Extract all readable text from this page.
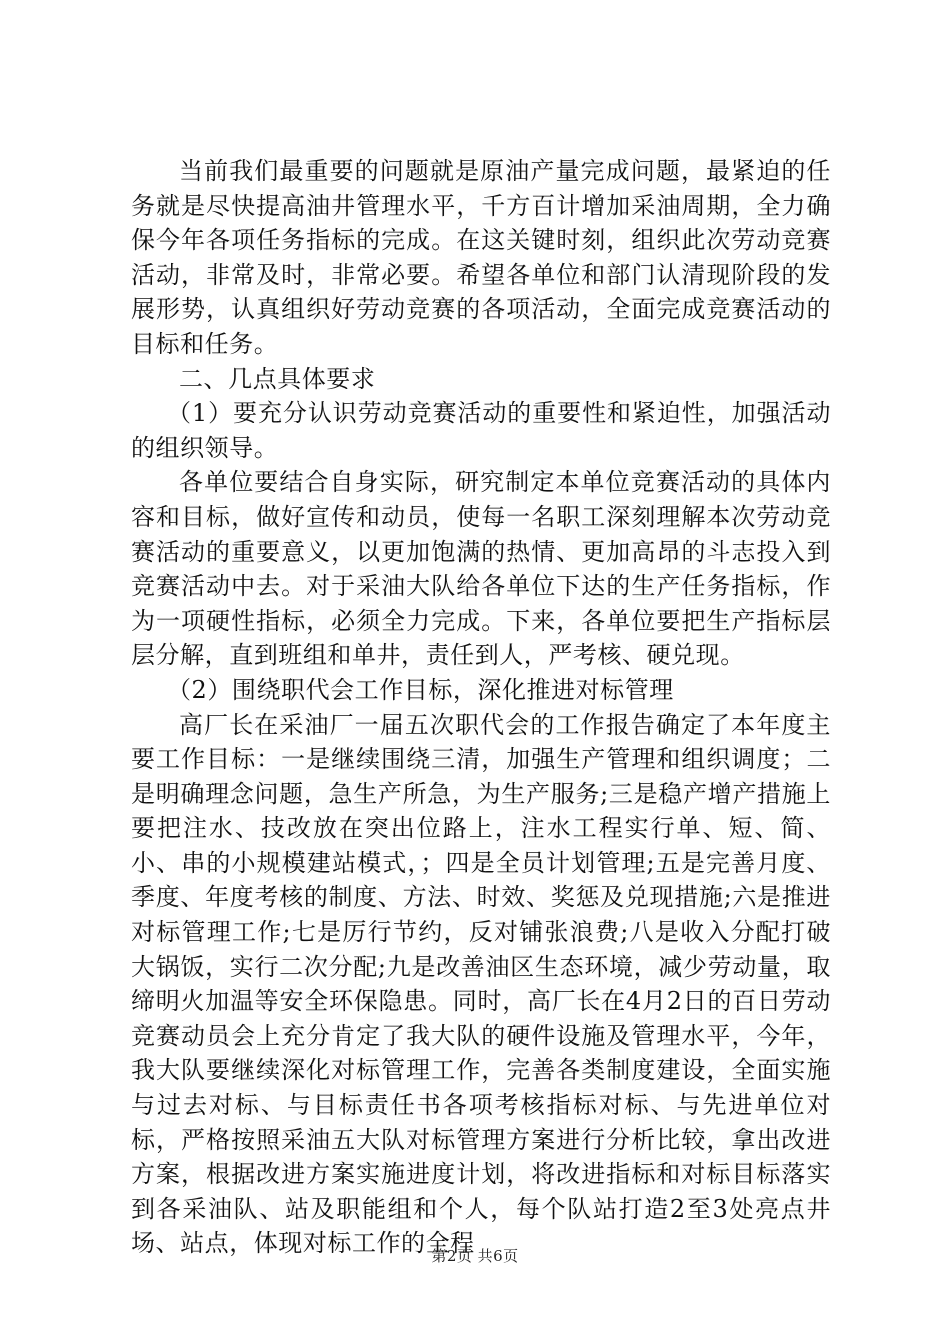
当前我们最重要的问题就是原油产量完成问题，最紧迫的任务就是尽快提高油井管理水平，千方百计增加采油周期，全力确保今年各项任务指标的完成。在这关键时刻，组织此次劳动竞赛活动，非常及时，非常必要。希望各单位和部门认清现阶段的发展形势，认真组织好劳动竞赛的各项活动，全面完成竞赛活动的目标和任务。

二、几点具体要求

（1）要充分认识劳动竞赛活动的重要性和紧迫性，加强活动的组织领导。

各单位要结合自身实际，研究制定本单位竞赛活动的具体内容和目标，做好宣传和动员，使每一名职工深刻理解本次劳动竞赛活动的重要意义，以更加饱满的热情、更加高昂的斗志投入到竞赛活动中去。对于采油大队给各单位下达的生产任务指标，作为一项硬性指标，必须全力完成。下来，各单位要把生产指标层层分解，直到班组和单井，责任到人，严考核、硬兑现。

（2）围绕职代会工作目标，深化推进对标管理

高厂长在采油厂一届五次职代会的工作报告确定了本年度主要工作目标：一是继续围绕三清，加强生产管理和组织调度；二是明确理念问题，急生产所急，为生产服务;三是稳产增产措施上要把注水、技改放在突出位路上，注水工程实行单、短、简、小、串的小规模建站模式，；四是全员计划管理;五是完善月度、季度、年度考核的制度、方法、时效、奖惩及兑现措施;六是推进对标管理工作;七是厉行节约，反对铺张浪费;八是收入分配打破大锅饭，实行二次分配;九是改善油区生态环境，减少劳动量，取缔明火加温等安全环保隐患。同时，高厂长在4月2日的百日劳动竞赛动员会上充分肯定了我大队的硬件设施及管理水平，今年，我大队要继续深化对标管理工作，完善各类制度建设，全面实施与过去对标、与目标责任书各项考核指标对标、与先进单位对标，严格按照采油五大队对标管理方案进行分析比较，拿出改进方案，根据改进方案实施进度计划，将改进指标和对标目标落实到各采油队、站及职能组和个人，每个队站打造2至3处亮点井场、站点，体现对标工作的全程

第2页 共6页
